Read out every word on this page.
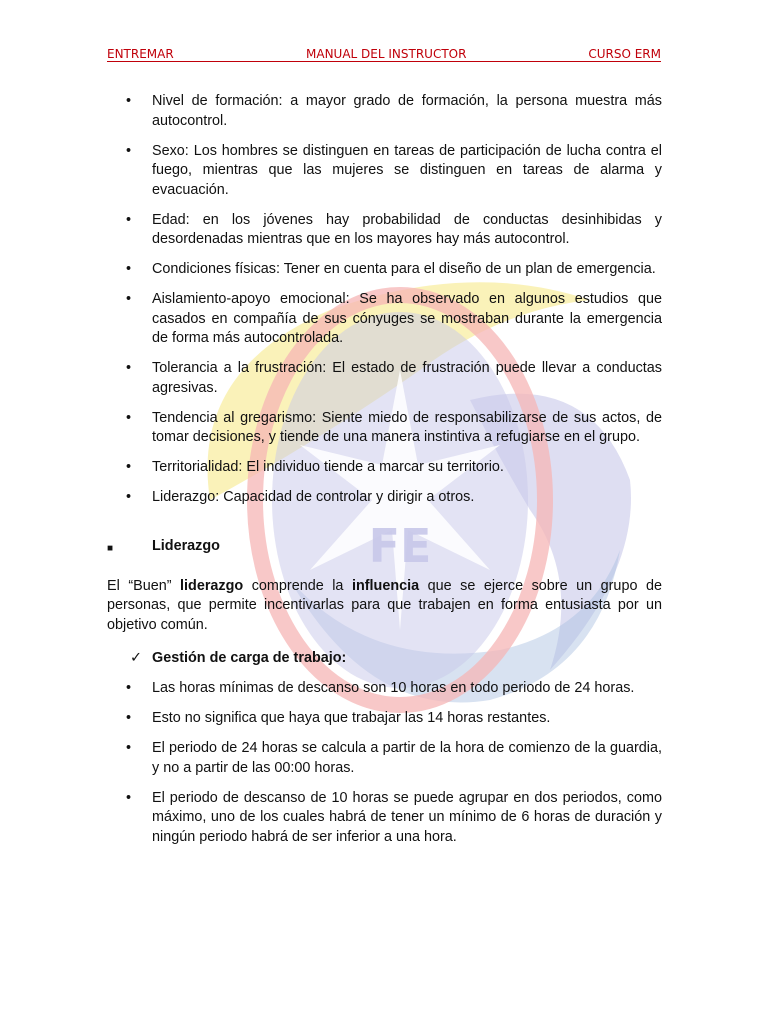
FE
ENTREMAR	MANUAL DEL INSTRUCTOR	CURSO ERM
• Nivel de formación: a mayor grado de formación, la persona muestra más autocontrol.
• Sexo: Los hombres se distinguen en tareas de participación de lucha contra el fuego, mientras que las mujeres se distinguen en tareas de alarma y evacuación.
• Edad: en los jóvenes hay probabilidad de conductas desinhibidas y desordenadas mientras que en los mayores hay más autocontrol.
• Condiciones físicas: Tener en cuenta para el diseño de un plan de emergencia.
• Aislamiento-apoyo emocional: Se ha observado en algunos estudios que casados en compañía de sus cónyuges se mostraban durante la emergencia de forma más autocontrolada.
• Tolerancia a la frustración: El estado de frustración puede llevar a conductas agresivas.
• Tendencia al gregarismo: Siente miedo de responsabilizarse de sus actos, de tomar decisiones, y tiende de una manera instintiva a refugiarse en el grupo.
• Territorialidad: El individuo tiende a marcar su territorio.
• Liderazgo: Capacidad de controlar y dirigir a otros.
■	Liderazgo

El “Buen” liderazgo comprende la influencia que se ejerce sobre un grupo de personas, que permite incentivarlas para que trabajen en forma entusiasta por un objetivo común.

✓ Gestión de carga de trabajo:
• Las horas mínimas de descanso son 10 horas en todo periodo de 24 horas.
• Esto no significa que haya que trabajar las 14 horas restantes.
• El periodo de 24 horas se calcula a partir de la hora de comienzo de la guardia, y no a partir de las 00:00 horas.
• El periodo de descanso de 10 horas se puede agrupar en dos periodos, como máximo, uno de los cuales habrá de tener un mínimo de 6 horas de duración y ningún periodo habrá de ser inferior a una hora.
